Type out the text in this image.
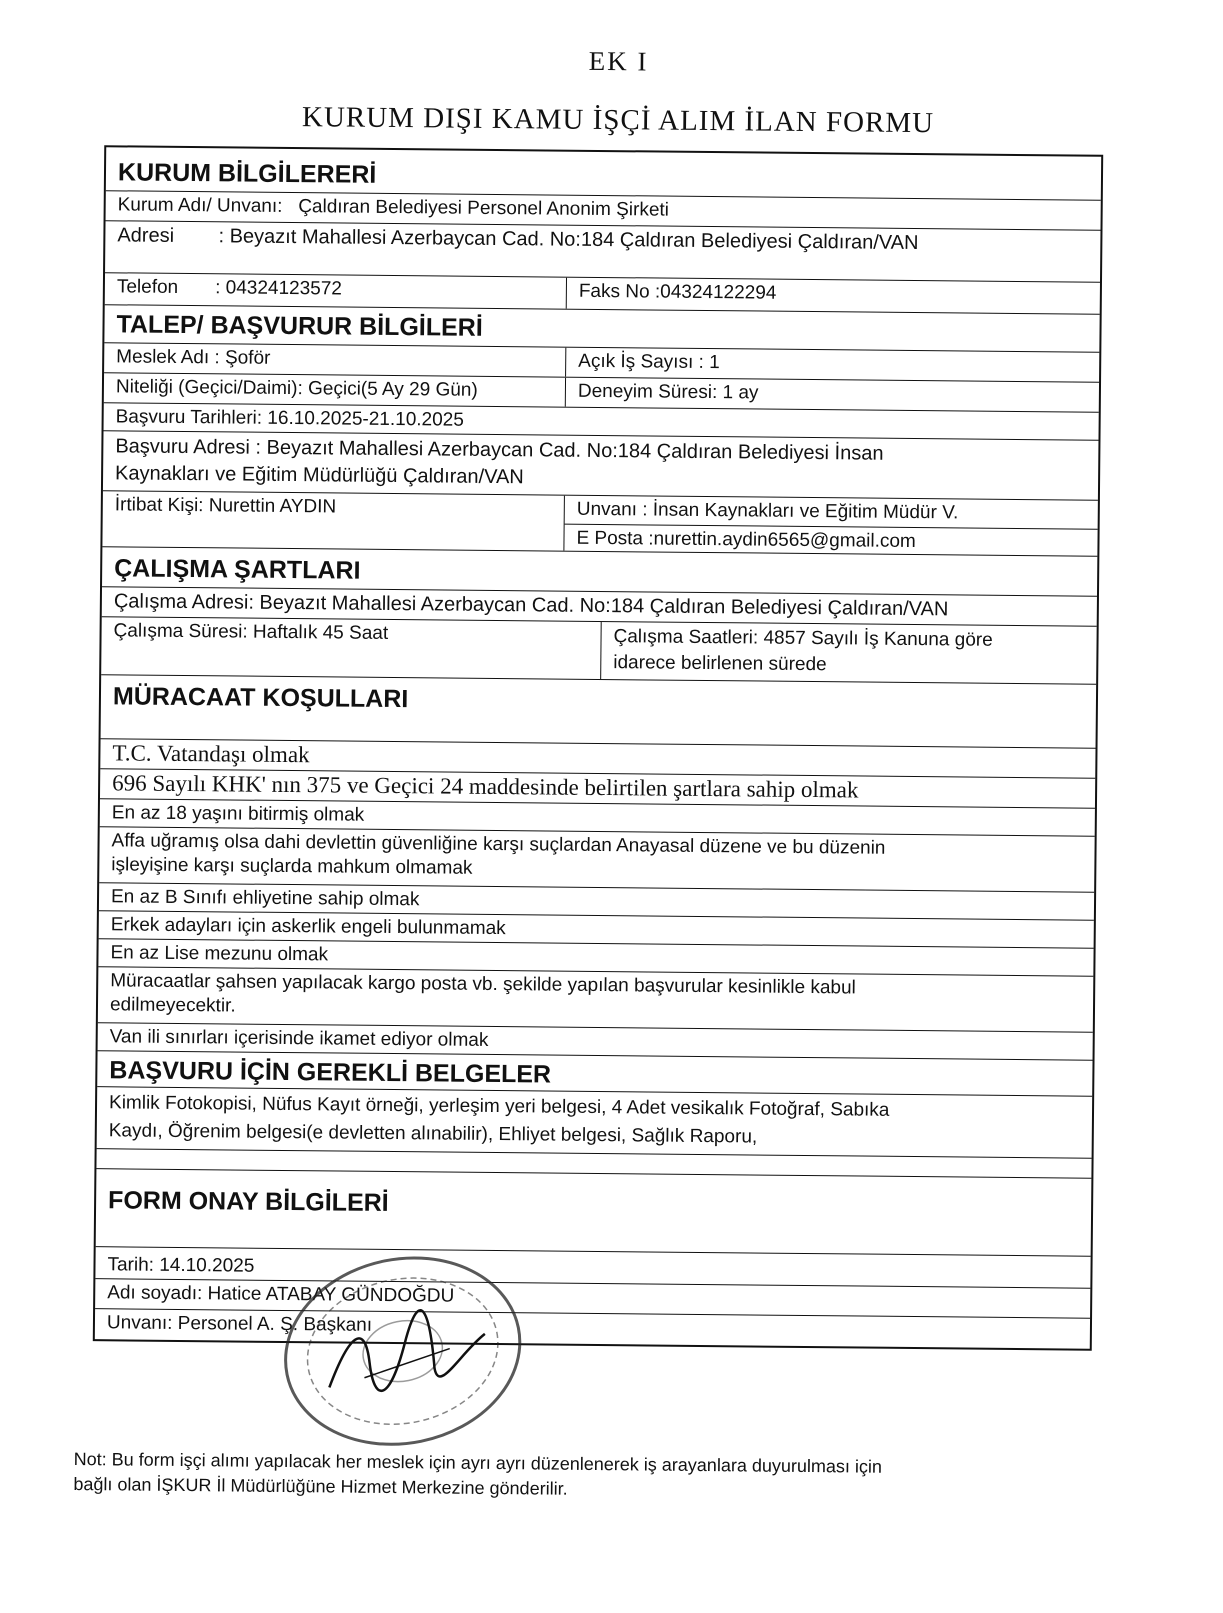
EK I
KURUM DIŞI KAMU İŞÇİ ALIM İLAN FORMU
KURUM BİLGİLERERİ
Kurum Adı/ Unvanı:   Çaldıran Belediyesi Personel Anonim Şirketi
Adresi        : Beyazıt Mahallesi Azerbaycan Cad. No:184 Çaldıran Belediyesi Çaldıran/VAN
Telefon       : 04324123572	Faks No :04324122294
TALEP/ BAŞVURUR BİLGİLERİ
Meslek Adı : Şoför	Açık İş Sayısı : 1
Niteliği (Geçici/Daimi): Geçici(5 Ay 29 Gün)	Deneyim Süresi: 1 ay
Başvuru Tarihleri: 16.10.2025-21.10.2025
Başvuru Adresi : Beyazıt Mahallesi Azerbaycan Cad. No:184 Çaldıran Belediyesi İnsan
Kaynakları ve Eğitim Müdürlüğü Çaldıran/VAN
İrtibat Kişi: Nurettin AYDIN	Unvanı : İnsan Kaynakları ve Eğitim Müdür V.
E Posta :nurettin.aydin6565@gmail.com
ÇALIŞMA ŞARTLARI
Çalışma Adresi: Beyazıt Mahallesi Azerbaycan Cad. No:184 Çaldıran Belediyesi Çaldıran/VAN
Çalışma Süresi: Haftalık 45 Saat	Çalışma Saatleri: 4857 Sayılı İş Kanuna göre
idarece belirlenen sürede
MÜRACAAT KOŞULLARI
T.C. Vatandaşı olmak
696 Sayılı KHK' nın 375 ve Geçici 24 maddesinde belirtilen şartlara sahip olmak
En az 18 yaşını bitirmiş olmak
Affa uğramış olsa dahi devlettin güvenliğine karşı suçlardan Anayasal düzene ve bu düzenin
işleyişine karşı suçlarda mahkum olmamak
En az B Sınıfı ehliyetine sahip olmak
Erkek adayları için askerlik engeli bulunmamak
En az Lise mezunu olmak
Müracaatlar şahsen yapılacak kargo posta vb. şekilde yapılan başvurular kesinlikle kabul
edilmeyecektir.
Van ili sınırları içerisinde ikamet ediyor olmak
BAŞVURU İÇİN GEREKLİ BELGELER
Kimlik Fotokopisi, Nüfus Kayıt örneği, yerleşim yeri belgesi, 4 Adet vesikalık Fotoğraf, Sabıka
Kaydı, Öğrenim belgesi(e devletten alınabilir), Ehliyet belgesi, Sağlık Raporu,
FORM ONAY BİLGİLERİ
Tarih: 14.10.2025
Adı soyadı: Hatice ATABAY GÜNDOĞDU
Unvanı: Personel A. Ş. Başkanı
Not: Bu form işçi alımı yapılacak her meslek için ayrı ayrı düzenlenerek iş arayanlara duyurulması için
bağlı olan İŞKUR İl Müdürlüğüne Hizmet Merkezine gönderilir.
